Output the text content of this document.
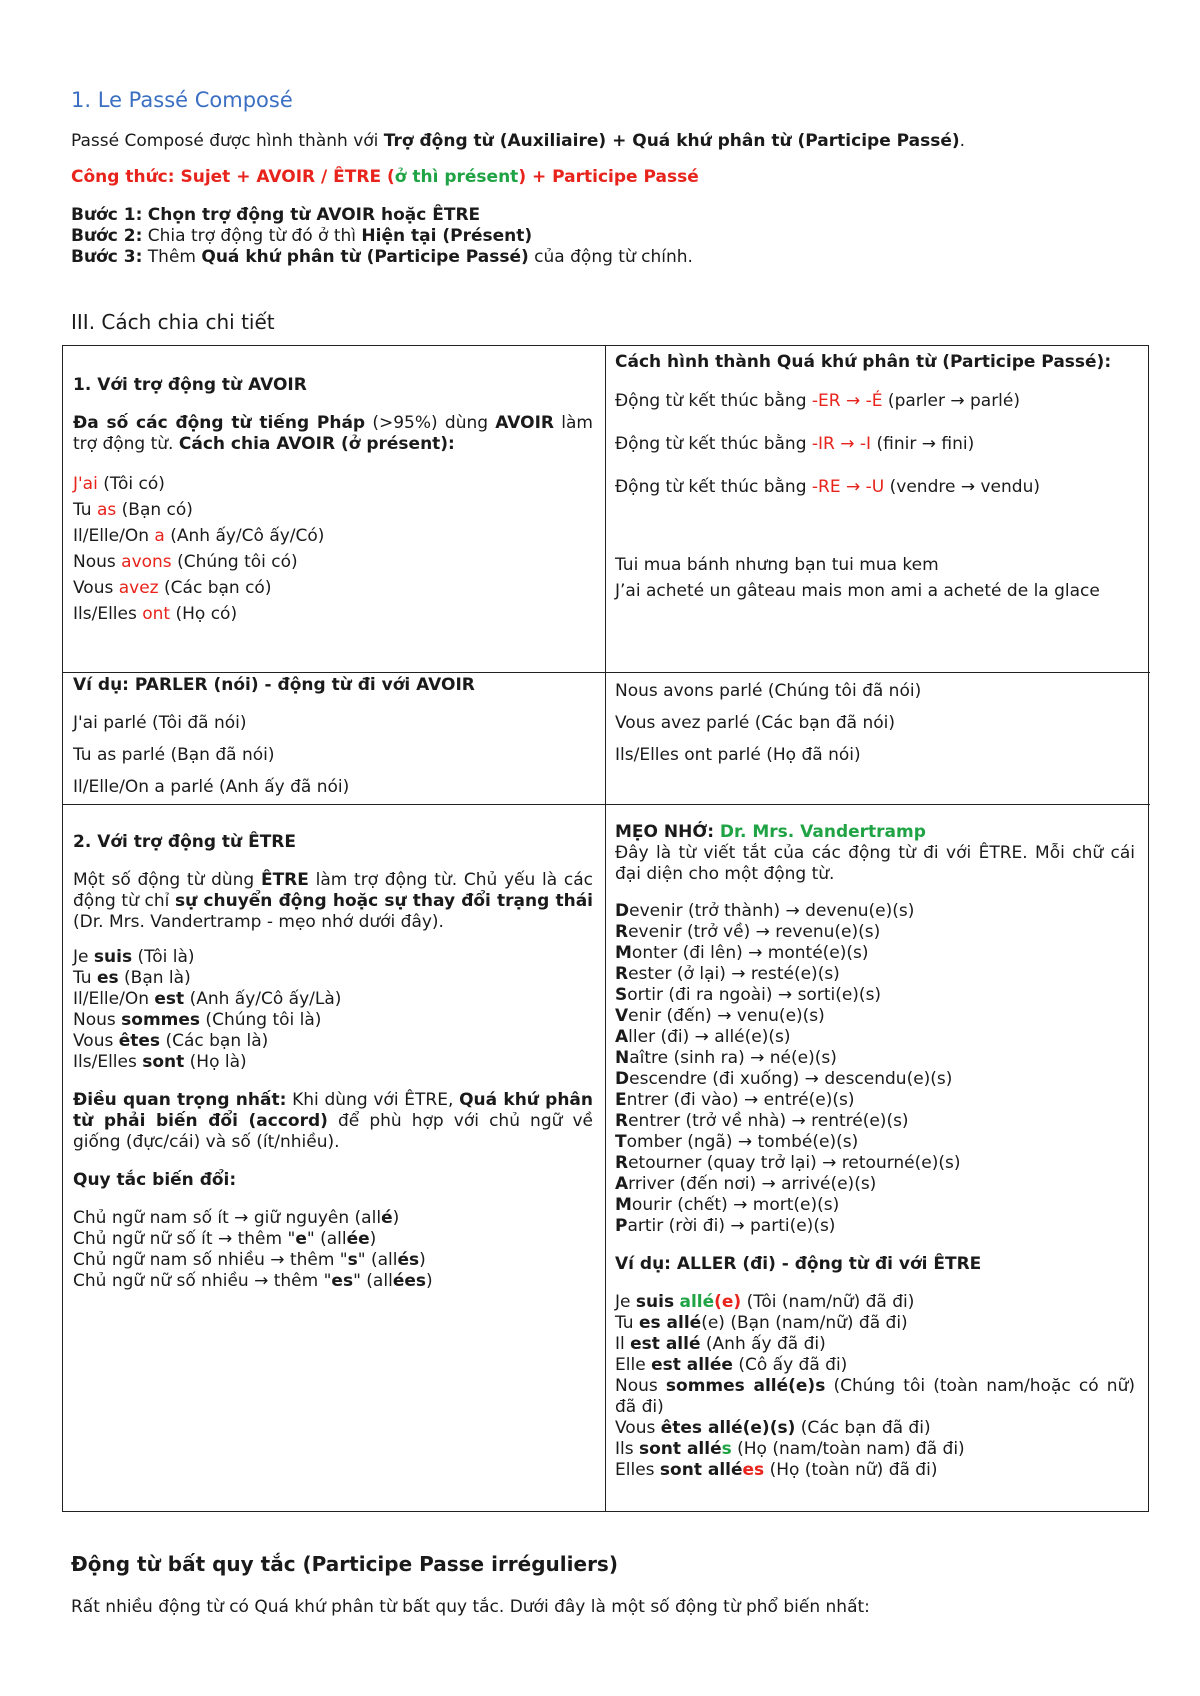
1. Le Passé Composé
Passé Composé được hình thành với Trợ động từ (Auxiliaire) + Quá khứ phân từ (Participe Passé).
Công thức: Sujet + AVOIR / ÊTRE (ở thì présent) + Participe Passé
Bước 1: Chọn trợ động từ AVOIR hoặc ÊTRE
Bước 2: Chia trợ động từ đó ở thì Hiện tại (Présent)
Bước 3: Thêm Quá khứ phân từ (Participe Passé) của động từ chính.
III. Cách chia chi tiết

1. Với trợ động từ AVOIR

Đa số các động từ tiếng Pháp (>95%) dùng AVOIR làm trợ động từ. Cách chia AVOIR (ở présent):

J'ai (Tôi có)
Tu as (Bạn có)
Il/Elle/On a (Anh ấy/Cô ấy/Có)
Nous avons (Chúng tôi có)
Vous avez (Các bạn có)
Ils/Elles ont (Họ có)

Cách hình thành Quá khứ phân từ (Participe Passé):

Động từ kết thúc bằng -ER → -É (parler → parlé)
Động từ kết thúc bằng -IR → -I (finir → fini)
Động từ kết thúc bằng -RE → -U (vendre → vendu)
Tui mua bánh nhưng bạn tui mua kem
J’ai acheté un gâteau mais mon ami a acheté de la glace

Ví dụ: PARLER (nói) - động từ đi với AVOIR

J'ai parlé (Tôi đã nói)
Tu as parlé (Bạn đã nói)
Il/Elle/On a parlé (Anh ấy đã nói)
Nous avons parlé (Chúng tôi đã nói)
Vous avez parlé (Các bạn đã nói)
Ils/Elles ont parlé (Họ đã nói)

2. Với trợ động từ ÊTRE

Một số động từ dùng ÊTRE làm trợ động từ. Chủ yếu là các động từ chỉ sự chuyển động hoặc sự thay đổi trạng thái (Dr. Mrs. Vandertramp - mẹo nhớ dưới đây).

Je suis (Tôi là)
Tu es (Bạn là)
Il/Elle/On est (Anh ấy/Cô ấy/Là)
Nous sommes (Chúng tôi là)
Vous êtes (Các bạn là)
Ils/Elles sont (Họ là)

Điều quan trọng nhất: Khi dùng với ÊTRE, Quá khứ phân từ phải biến đổi (accord) để phù hợp với chủ ngữ về giống (đực/cái) và số (ít/nhiều).

Quy tắc biến đổi:

Chủ ngữ nam số ít → giữ nguyên (allé)
Chủ ngữ nữ số ít → thêm "e" (allée)
Chủ ngữ nam số nhiều → thêm "s" (allés)
Chủ ngữ nữ số nhiều → thêm "es" (allées)

MẸO NHỚ: Dr. Mrs. Vandertramp

Đây là từ viết tắt của các động từ đi với ÊTRE. Mỗi chữ cái đại diện cho một động từ.

Devenir (trở thành) → devenu(e)(s)
Revenir (trở về) → revenu(e)(s)
Monter (đi lên) → monté(e)(s)
Rester (ở lại) → resté(e)(s)
Sortir (đi ra ngoài) → sorti(e)(s)
Venir (đến) → venu(e)(s)
Aller (đi) → allé(e)(s)
Naître (sinh ra) → né(e)(s)
Descendre (đi xuống) → descendu(e)(s)
Entrer (đi vào) → entré(e)(s)
Rentrer (trở về nhà) → rentré(e)(s)
Tomber (ngã) → tombé(e)(s)
Retourner (quay trở lại) → retourné(e)(s)
Arriver (đến nơi) → arrivé(e)(s)
Mourir (chết) → mort(e)(s)
Partir (rời đi) → parti(e)(s)

Ví dụ: ALLER (đi) - động từ đi với ÊTRE

Je suis allé(e) (Tôi (nam/nữ) đã đi)
Tu es allé(e) (Bạn (nam/nữ) đã đi)
Il est allé (Anh ấy đã đi)
Elle est allée (Cô ấy đã đi)
Nous sommes allé(e)s (Chúng tôi (toàn nam/hoặc có nữ) đã đi)
Vous êtes allé(e)(s) (Các bạn đã đi)
Ils sont allés (Họ (nam/toàn nam) đã đi)
Elles sont allées (Họ (toàn nữ) đã đi)
Động từ bất quy tắc (Participe Passe irréguliers)
Rất nhiều động từ có Quá khứ phân từ bất quy tắc. Dưới đây là một số động từ phổ biến nhất:
